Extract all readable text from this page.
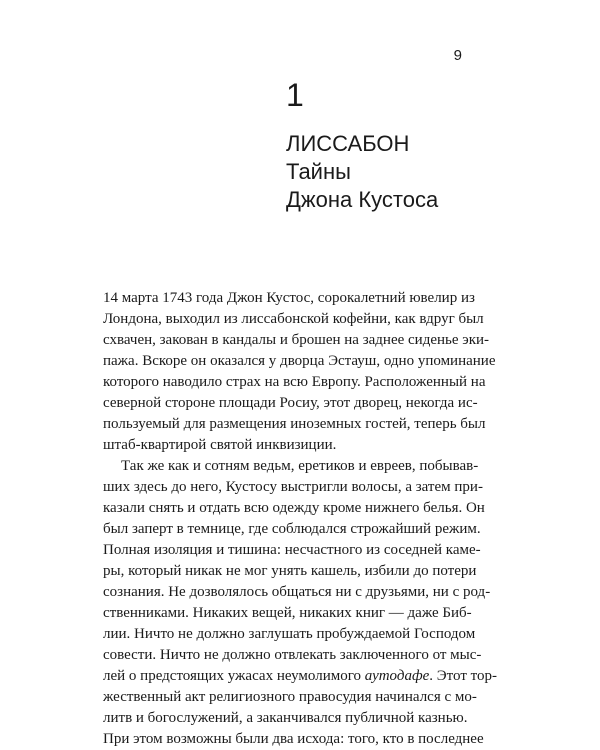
9
1
ЛИССАБОН
Тайны
Джона Кустоса
14 марта 1743 года Джон Кустос, сорокалетний ювелир из
Лондона, выходил из лиссабонской кофейни, как вдруг был
схвачен, закован в кандалы и брошен на заднее сиденье эки-
пажа. Вскоре он оказался у дворца Эстауш, одно упоминание
которого наводило страх на всю Европу. Расположенный на
северной стороне площади Росиу, этот дворец, некогда ис-
пользуемый для размещения иноземных гостей, теперь был
штаб-квартирой святой инквизиции.
Так же как и сотням ведьм, еретиков и евреев, побывав-
ших здесь до него, Кустосу выстригли волосы, а затем при-
казали снять и отдать всю одежду кроме нижнего белья. Он
был заперт в темнице, где соблюдался строжайший режим.
Полная изоляция и тишина: несчастного из соседней каме-
ры, который никак не мог унять кашель, избили до потери
сознания. Не дозволялось общаться ни с друзьями, ни с род-
ственниками. Никаких вещей, никаких книг — даже Биб-
лии. Ничто не должно заглушать пробуждаемой Господом
совести. Ничто не должно отвлекать заключенного от мыс-
лей о предстоящих ужасах неумолимого аутодафе. Этот тор-
жественный акт религиозного правосудия начинался с мо-
литв и богослужений, а заканчивался публичной казнью.
При этом возможны были два исхода: того, кто в последнее
